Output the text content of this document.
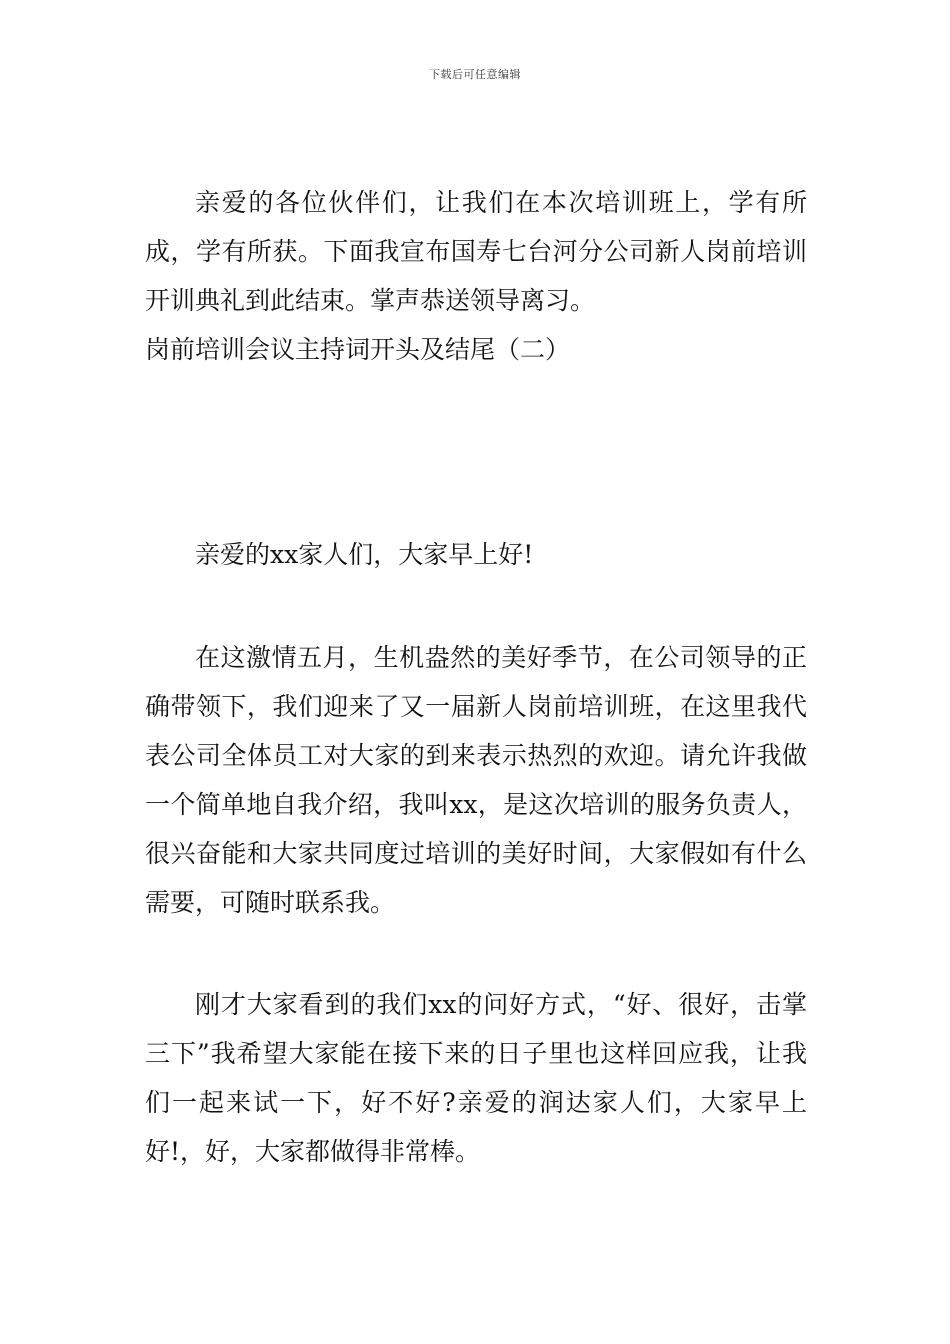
下载后可任意编辑

亲爱的各位伙伴们，让我们在本次培训班上，学有所成，学有所获。下面我宣布国寿七台河分公司新人岗前培训开训典礼到此结束。掌声恭送领导离习。

岗前培训会议主持词开头及结尾（二）

亲爱的xx家人们，大家早上好!

在这激情五月，生机盎然的美好季节，在公司领导的正确带领下，我们迎来了又一届新人岗前培训班，在这里我代表公司全体员工对大家的到来表示热烈的欢迎。请允许我做一个简单地自我介绍，我叫xx，是这次培训的服务负责人，很兴奋能和大家共同度过培训的美好时间，大家假如有什么需要，可随时联系我。

刚才大家看到的我们xx的问好方式，“好、很好，击掌三下”我希望大家能在接下来的日子里也这样回应我，让我们一起来试一下，好不好?亲爱的润达家人们，大家早上好!，好，大家都做得非常棒。
